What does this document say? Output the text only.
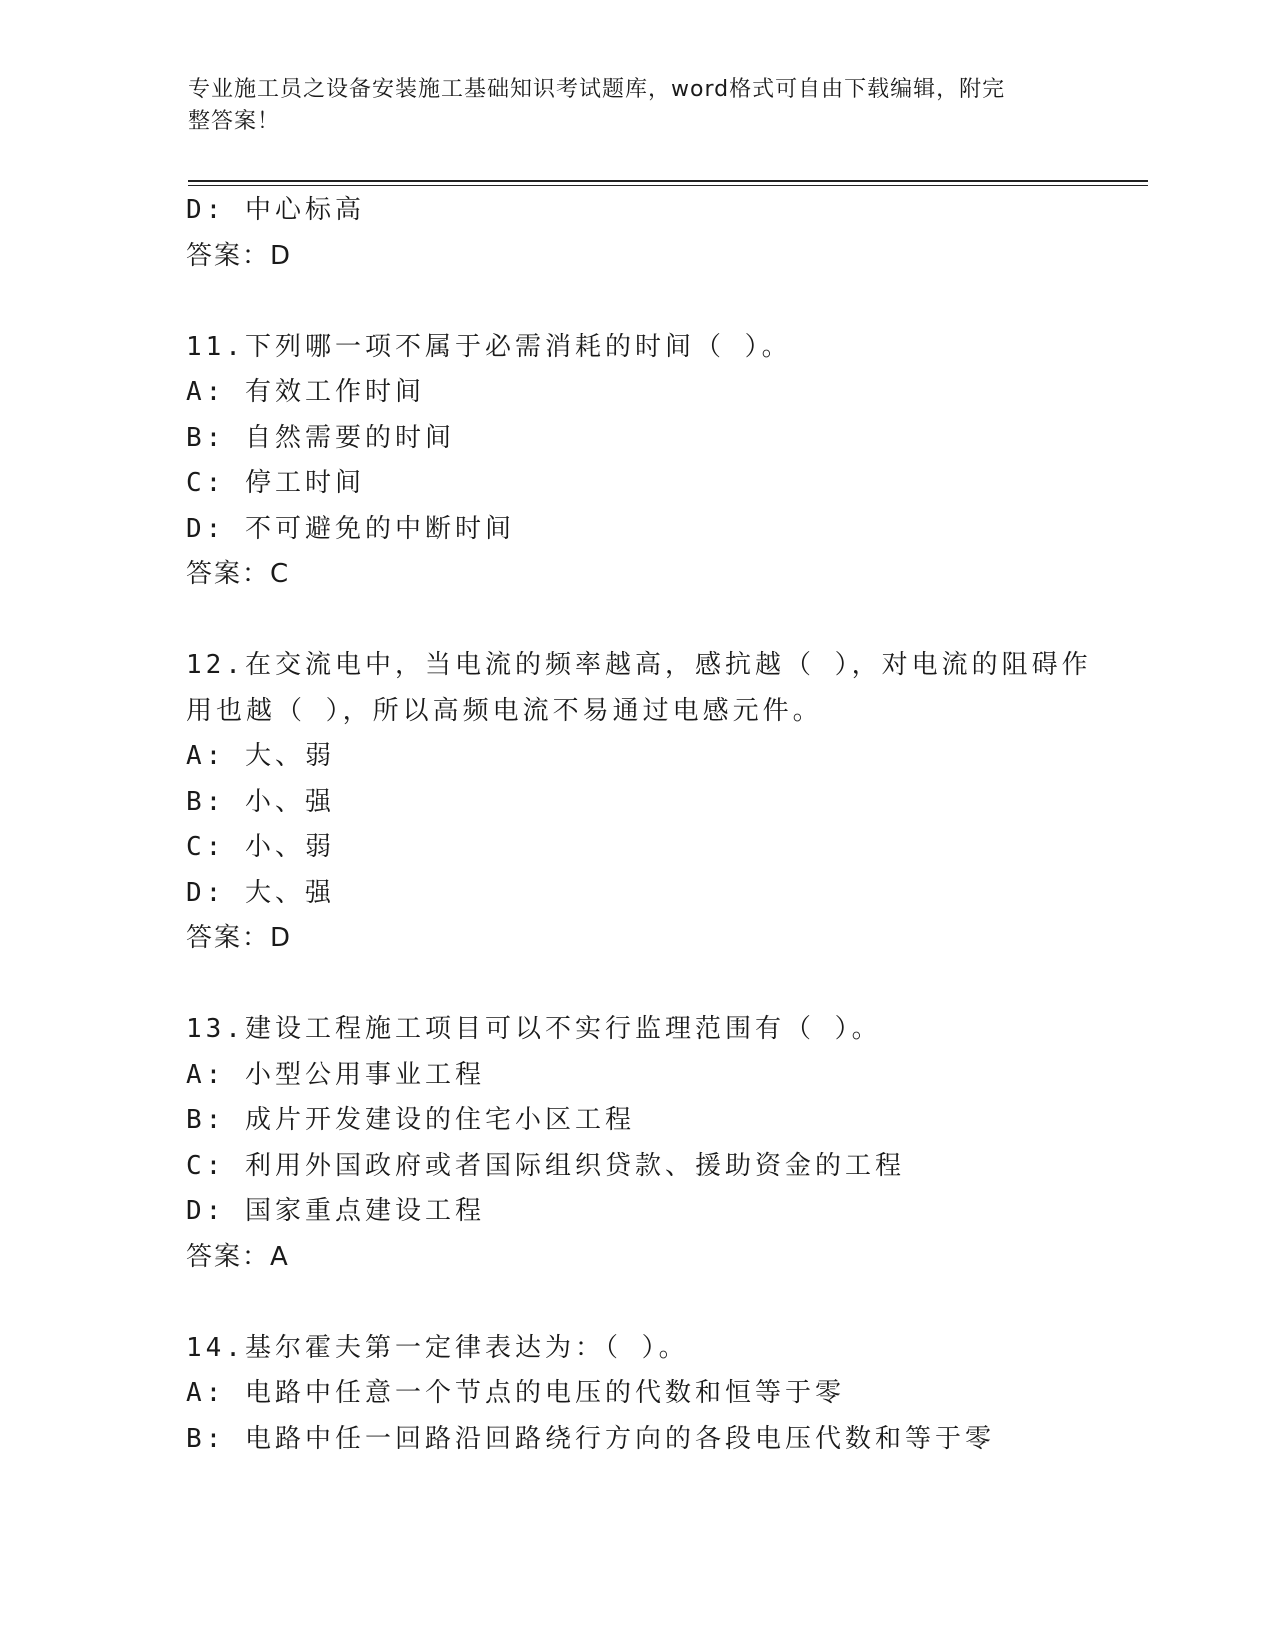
专业施工员之设备安装施工基础知识考试题库，word格式可自由下载编辑，附完
整答案！
D: 中心标高
答案：D
11.下列哪一项不属于必需消耗的时间（ ）。
A: 有效工作时间
B: 自然需要的时间
C: 停工时间
D: 不可避免的中断时间
答案：C
12.在交流电中，当电流的频率越高，感抗越（ ），对电流的阻碍作
用也越（ ），所以高频电流不易通过电感元件。
A: 大、弱
B: 小、强
C: 小、弱
D: 大、强
答案：D
13.建设工程施工项目可以不实行监理范围有（ ）。
A: 小型公用事业工程
B: 成片开发建设的住宅小区工程
C: 利用外国政府或者国际组织贷款、援助资金的工程
D: 国家重点建设工程
答案：A
14.基尔霍夫第一定律表达为：（ ）。
A: 电路中任意一个节点的电压的代数和恒等于零
B: 电路中任一回路沿回路绕行方向的各段电压代数和等于零
